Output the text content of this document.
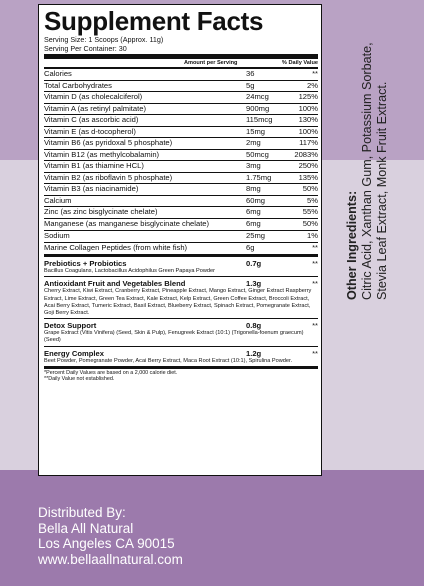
Supplement Facts
Serving Size: 1 Scoops (Approx. 11g)
Serving Per Container: 30
Amount per Serving	% Daily Value
Calories	36	**
Total Carbohydrates	5g	2%
Vitamin D (as cholecalciferol)	24mcg	125%
Vitamin A (as retinyl palmitate)	900mg	100%
Vitamin C (as ascorbic acid)	115mcg	130%
Vitamin E (as d-tocopherol)	15mg	100%
Vitamin B6 (as pyridoxal 5 phosphate)	2mg	117%
Vitamin B12 (as methylcobalamin)	50mcg	2083%
Vitamin B1 (as thiamine HCL)	3mg	250%
Vitamin B2 (as riboflavin 5 phosphate)	1.75mg	135%
Vitamin B3 (as niacinamide)	8mg	50%
Calcium	60mg	5%
Zinc (as zinc bisglycinate chelate)	6mg	55%
Manganese (as manganese bisglycinate chelate)	6mg	50%
Sodium	25mg	1%
Marine Collagen Peptides (from white fish)	6g	**
Prebiotics + Probiotics	0.7g	**
Bacillus Coagulans, Lactobacillus Acidophilus Green Papaya Powder
Antioxidant Fruit and Vegetables Blend	1.3g	**
Cherry Extract, Kiwi Extract, Cranberry Extract, Pineapple Extract, Mango Extract, Ginger Extract Raspberry Extract, Lime Extract, Green Tea Extract, Kale Extract, Kelp Extract, Green Coffee Extract, Broccoli Extract, Acai Berry Extract, Tumeric Extract, Basil Extract, Blueberry Extract, Spinach Extract, Pomegranate Extract, Goji Berry Extract.
Detox Support	0.8g	**
Grape Extract (Vitis Vinifera) (Seed, Skin & Pulp), Fenugreek Extract (10:1) (Trigonella-foenum graecum) (Seed)
Energy Complex	1.2g	**
Beet Powder, Pomegranate Powder, Acai Berry Extract, Maca Root Extract (10:1), Spirulina Powder.
*Percent Daily Values are based on a 2,000 calorie diet.
**Daily Value not established.
Other Ingredients: Citric Acid, Xanthan Gum, Potassium Sorbate, Stevia Leaf Extract, Monk Fruit Extract.
Distributed By:
Bella All Natural
Los Angeles CA 90015
www.bellaallnatural.com
